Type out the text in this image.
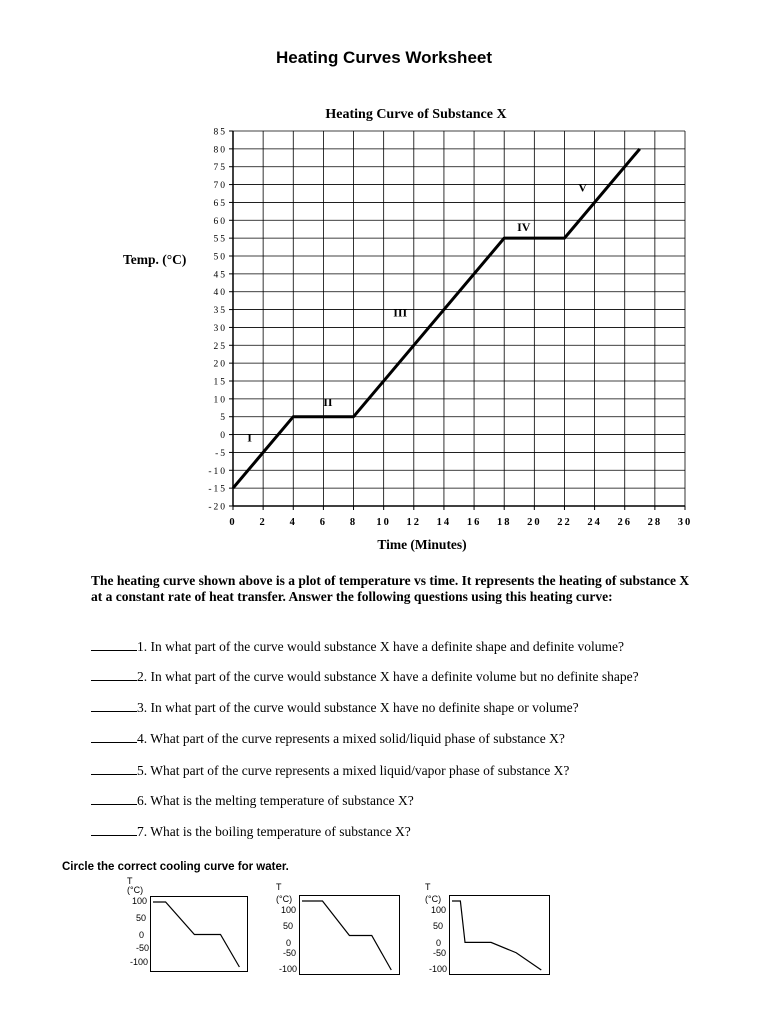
Heating Curves Worksheet
-20
-15
-10
-5
0
5
10
15
20
25
30
35
40
45
50
55
60
65
70
75
80
85
0 2 4 6 8 10 12 14 16 18 20 22 24 26 28 30
I
II
III
IV
V
Heating Curve of Substance X
Temp. (°C)
Time (Minutes)
The heating curve shown above is a plot of temperature vs time. It represents the heating of substance X at a constant rate of heat transfer. Answer the following questions using this heating curve:
1. In what part of the curve would substance X have a definite shape and definite volume?
2. In what part of the curve would substance X have a definite volume but no definite shape?
3. In what part of the curve would substance X have no definite shape or volume?
4. What part of the curve represents a mixed solid/liquid phase of substance X?
5. What part of the curve represents a mixed liquid/vapor phase of substance X?
6. What is the melting temperature of substance X?
7. What is the boiling temperature of substance X?
Circle the correct cooling curve for water.
T
(°C)
100
50
0
-50
-100
T
(°C)
100
50
0
-50
-100
T
(°C)
100
50
0
-50
-100
